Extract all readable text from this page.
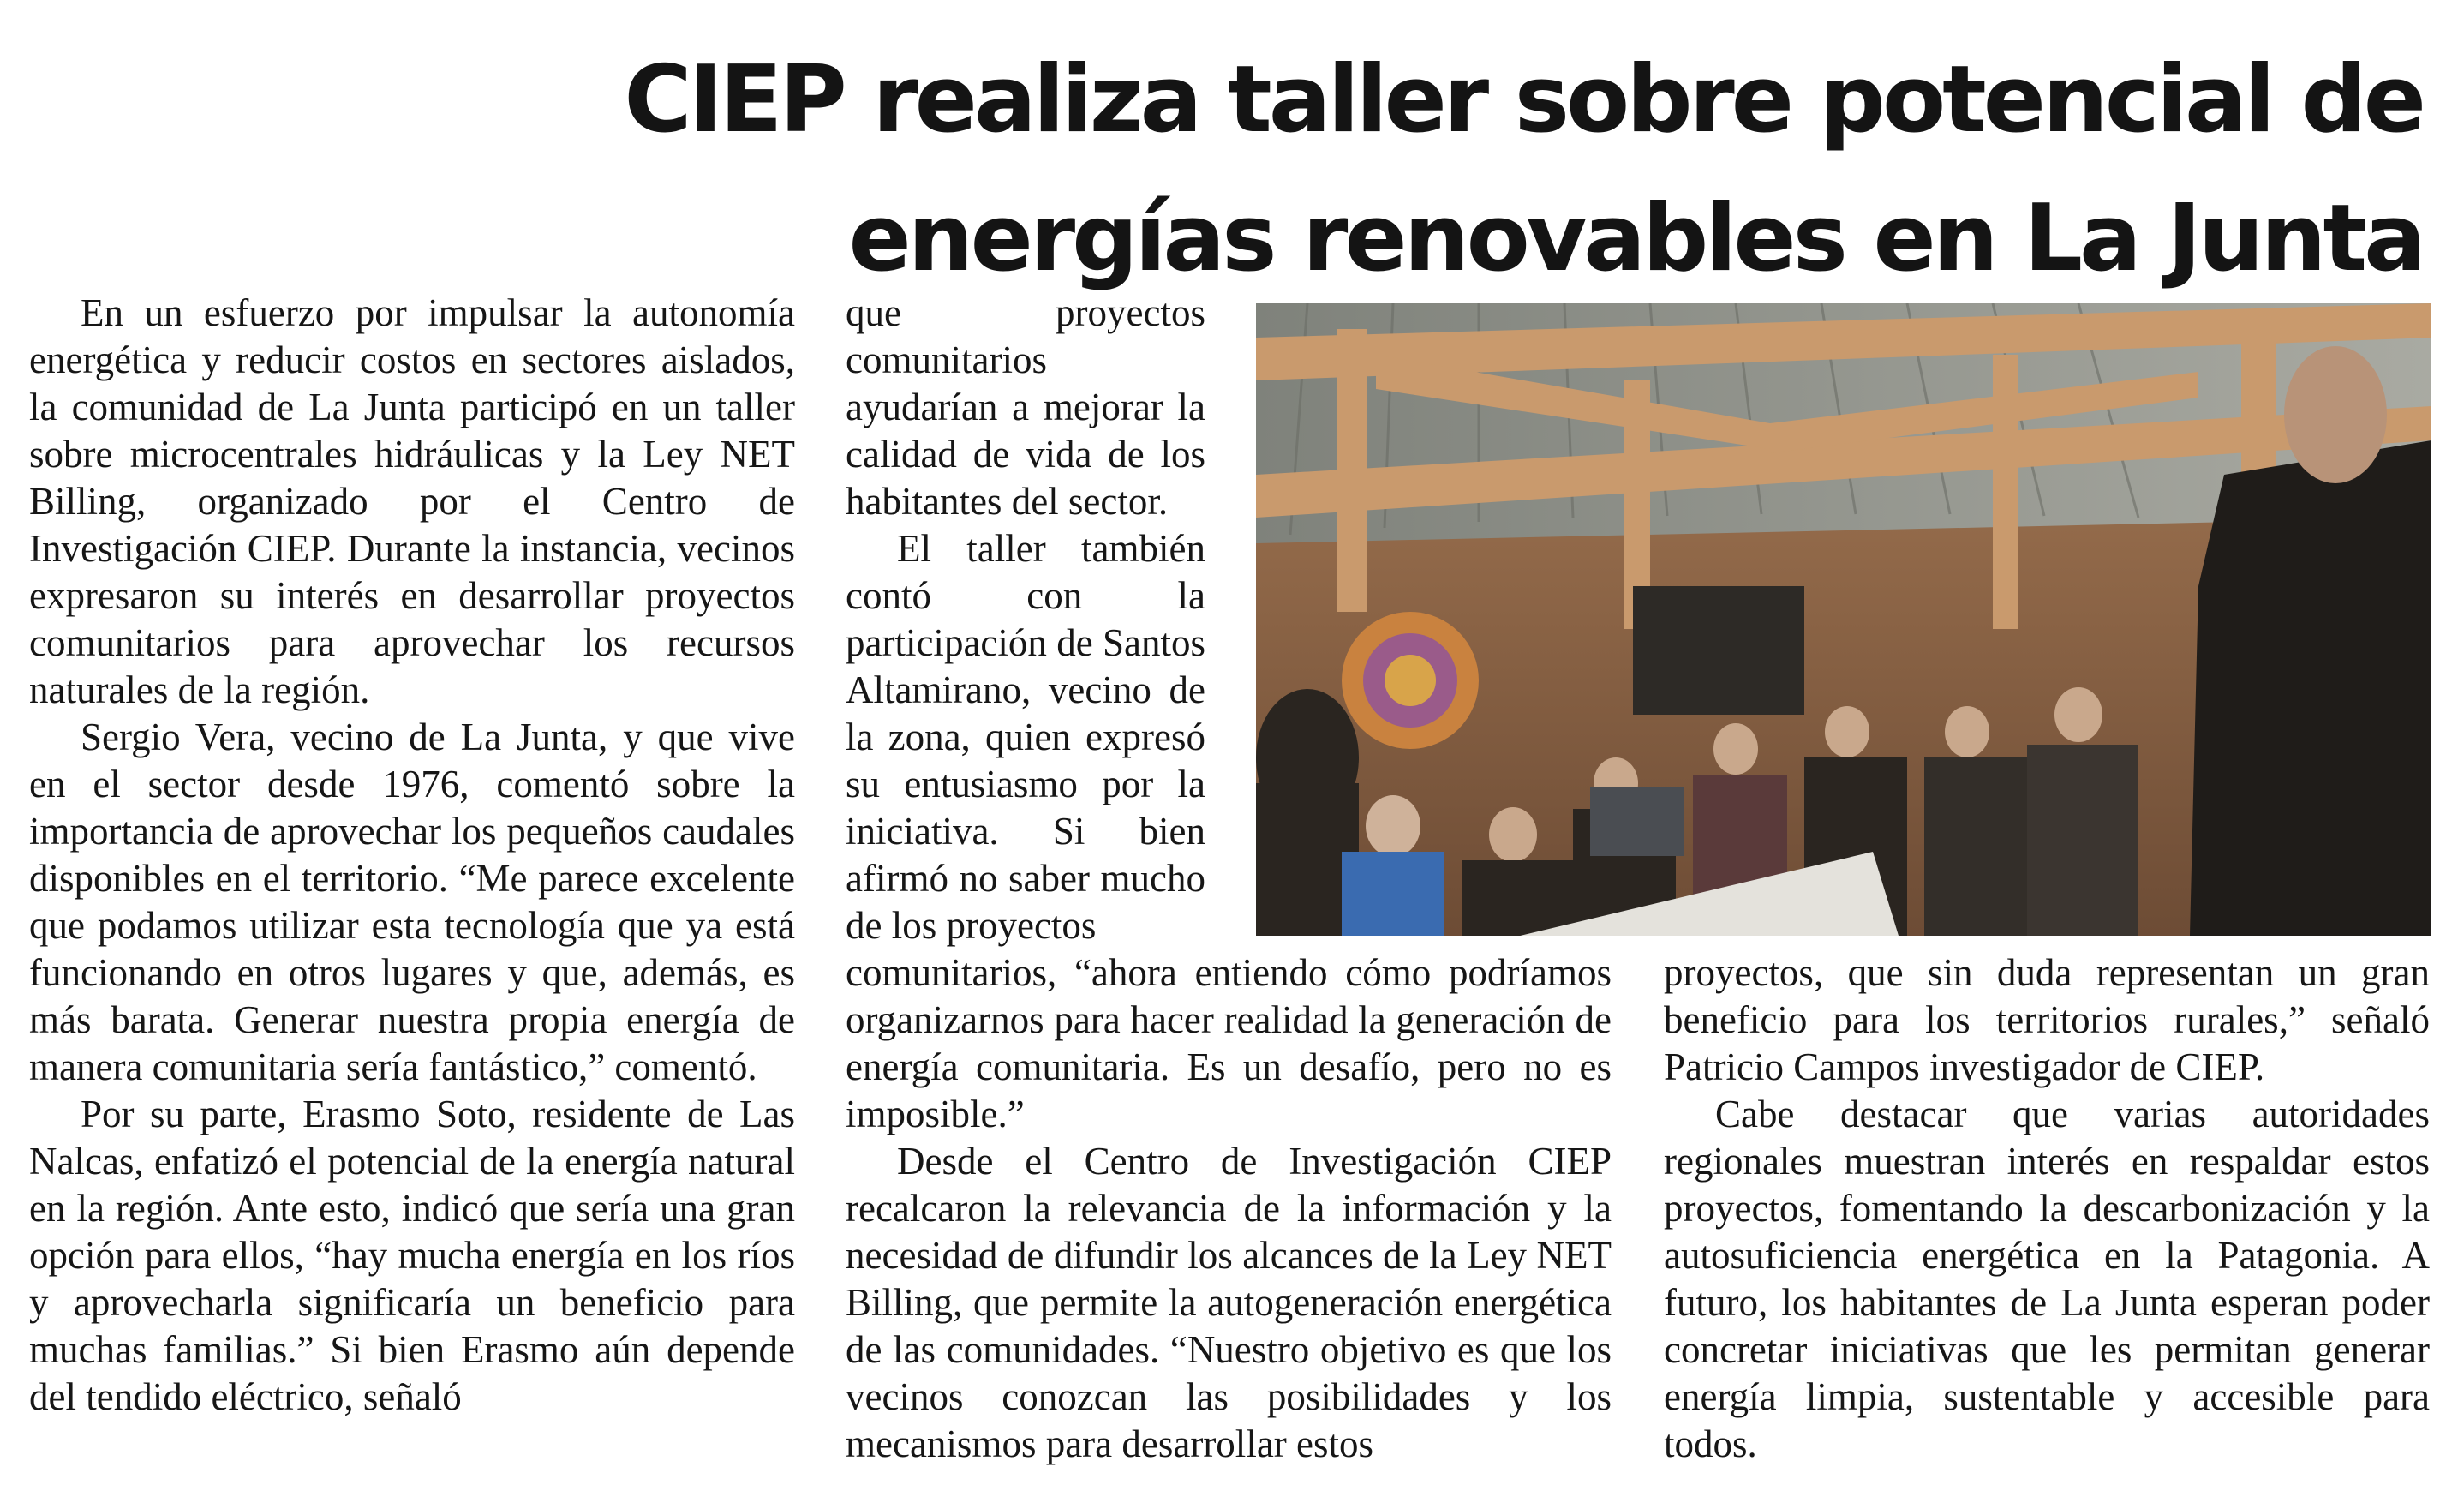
CIEP realiza taller sobre potencial de energías renovables en La Junta

En un esfuerzo por impulsar la autonomía energética y reducir costos en sectores aislados, la comunidad de La Junta participó en un taller sobre microcentrales hidráulicas y la Ley NET Billing, organizado por el Centro de Investigación CIEP. Durante la instancia, vecinos expresaron su interés en desarrollar proyectos comunitarios para aprovechar los recursos naturales de la región.

Sergio Vera, vecino de La Junta, y que vive en el sector desde 1976, comentó sobre la importancia de aprovechar los pequeños caudales disponibles en el territorio. “Me parece excelente que podamos utilizar esta tecnología que ya está funcionando en otros lugares y que, además, es más barata. Generar nuestra propia energía de manera comunitaria sería fantástico,” comentó.

Por su parte, Erasmo Soto, residente de Las Nalcas, enfatizó el potencial de la energía natural en la región. Ante esto, indicó que sería una gran opción para ellos, “hay mucha energía en los ríos y aprovecharla significaría un beneficio para muchas familias.” Si bien Erasmo aún depende del tendido eléctrico, señaló

que proyectos comunitarios ayudarían a mejorar la calidad de vida de los habitantes del sector.

El taller también contó con la participación de Santos Altamirano, vecino de la zona, quien expresó su entusiasmo por la iniciativa. Si bien afirmó no saber mucho de los proyectos

comunitarios, “ahora entiendo cómo podríamos organizarnos para hacer realidad la generación de energía comunitaria. Es un desafío, pero no es imposible.”

Desde el Centro de Investigación CIEP recalcaron la relevancia de la información y la necesidad de difundir los alcances de la Ley NET Billing, que permite la autogeneración energética de las comunidades. “Nuestro objetivo es que los vecinos conozcan las posibilidades y los mecanismos para desarrollar estos

proyectos, que sin duda representan un gran beneficio para los territorios rurales,” señaló Patricio Campos investigador de CIEP.

Cabe destacar que varias autoridades regionales muestran interés en respaldar estos proyectos, fomentando la descarbonización y la autosuficiencia energética en la Patagonia. A futuro, los habitantes de La Junta esperan poder concretar iniciativas que les permitan generar energía limpia, sustentable y accesible para todos.
